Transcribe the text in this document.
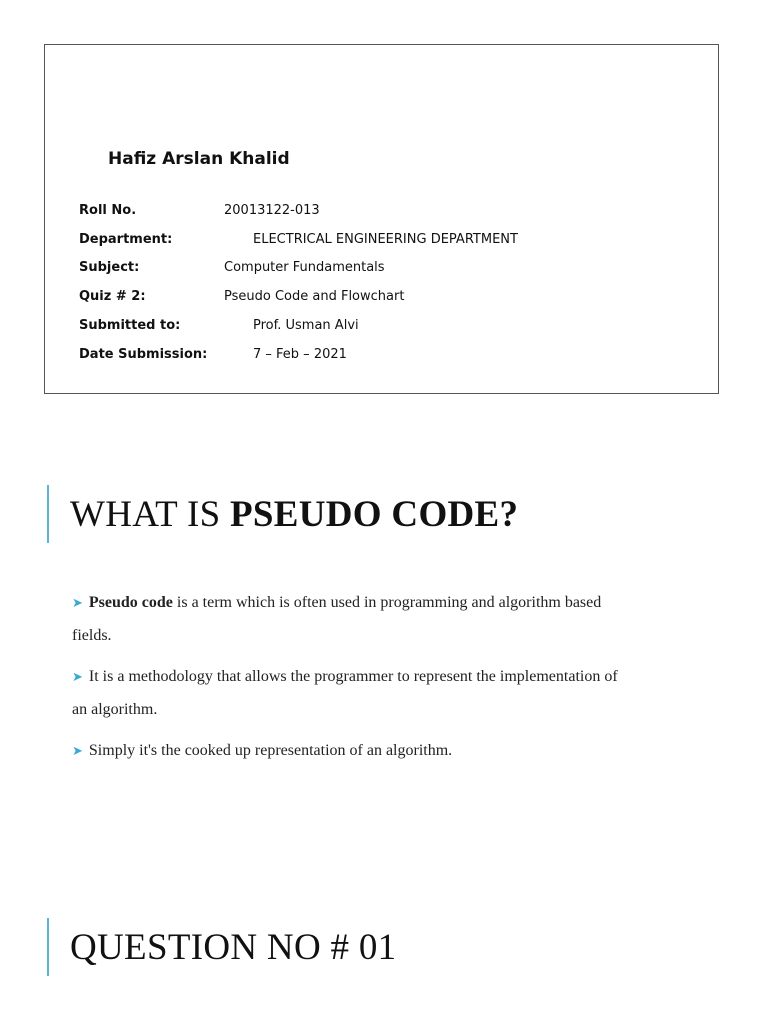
Hafiz Arslan Khalid
Roll No.	20013122-013
Department:	ELECTRICAL ENGINEERING DEPARTMENT
Subject:	Computer Fundamentals
Quiz # 2:	Pseudo Code and Flowchart
Submitted to:	Prof. Usman Alvi
Date Submission:	7 – Feb – 2021
WHAT IS PSEUDO CODE?
➤ Pseudo code is a term which is often used in programming and algorithm based
fields.
➤ It is a methodology that allows the programmer to represent the implementation of
an algorithm.
➤ Simply it's the cooked up representation of an algorithm.
QUESTION NO # 01
